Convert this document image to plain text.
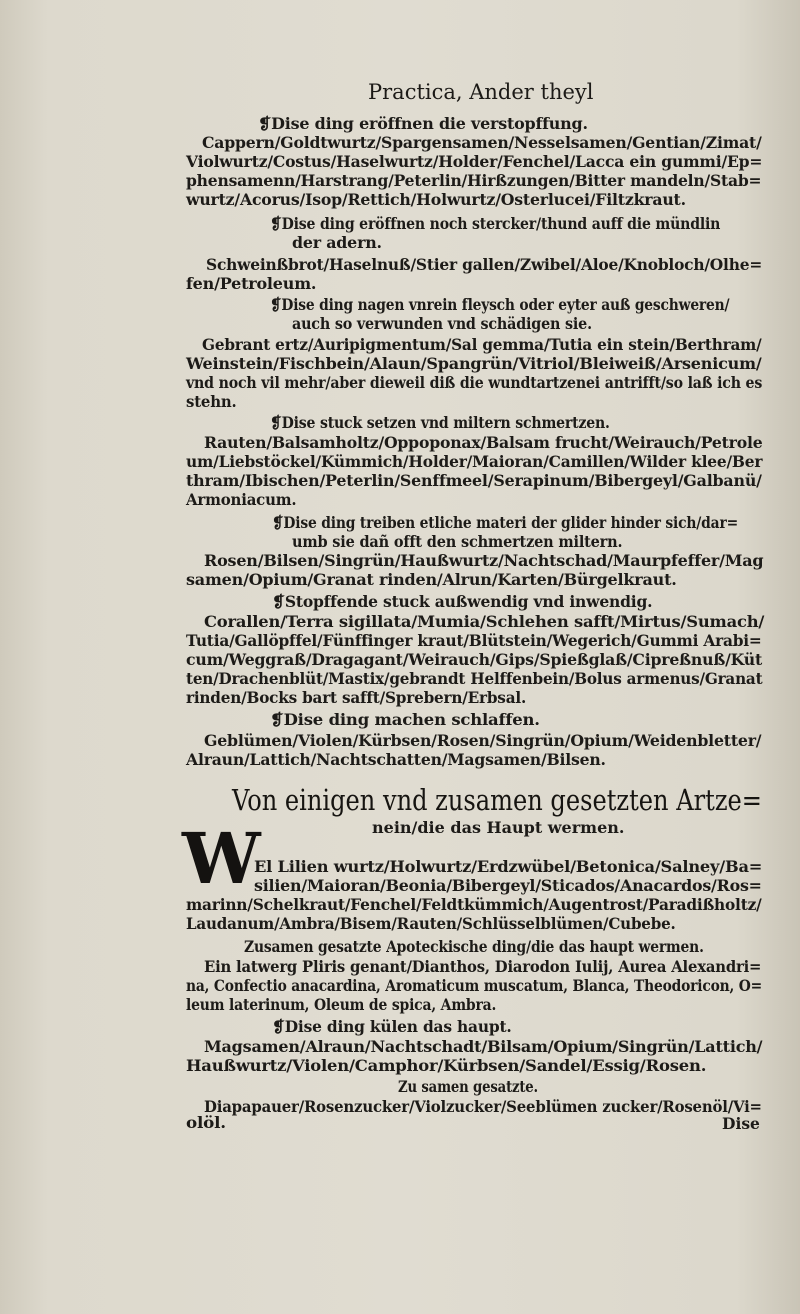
Practica, Ander theyl
❡Dise ding eröffnen die verstopffung.
Cappern/Goldtwurtz/Spargensamen/Nesselsamen/Gentian/Zimat/
Violwurtz/Costus/Haselwurtz/Holder/Fenchel/Lacca ein gummi/Ep=
phensamenn/Harstrang/Peterlin/Hirßzungen/Bitter mandeln/Stab=
wurtz/Acorus/Isop/Rettich/Holwurtz/Osterlucei/Filtzkraut.
❡Dise ding eröffnen noch stercker/thund auff die mündlin
der adern.
Schweinßbrot/Haselnuß/Stier gallen/Zwibel/Aloe/Knobloch/Olhe=
fen/Petroleum.
❡Dise ding nagen vnrein fleysch oder eyter auß geschweren/
auch so verwunden vnd schädigen sie.
Gebrant ertz/Auripigmentum/Sal gemma/Tutia ein stein/Berthram/
Weinstein/Fischbein/Alaun/Spangrün/Vitriol/Bleiweiß/Arsenicum/
vnd noch vil mehr/aber dieweil diß die wundtartzenei antrifft/so laß ich es
stehn.
❡Dise stuck setzen vnd miltern schmertzen.
Rauten/Balsamholtz/Oppoponax/Balsam frucht/Weirauch/Petrole
um/Liebstöckel/Kümmich/Holder/Maioran/Camillen/Wilder klee/Ber
thram/Ibischen/Peterlin/Senffmeel/Serapinum/Bibergeyl/Galbanü/
Armoniacum.
❡Dise ding treiben etliche materi der glider hinder sich/dar=
umb sie dañ offt den schmertzen miltern.
Rosen/Bilsen/Singrün/Haußwurtz/Nachtschad/Maurpfeffer/Mag
samen/Opium/Granat rinden/Alrun/Karten/Bürgelkraut.
❡Stopffende stuck außwendig vnd inwendig.
Corallen/Terra sigillata/Mumia/Schlehen safft/Mirtus/Sumach/
Tutia/Gallöpffel/Fünffinger kraut/Blütstein/Wegerich/Gummi Arabi=
cum/Weggraß/Dragagant/Weirauch/Gips/Spießglaß/Cipreßnuß/Küt
ten/Drachenblüt/Mastix/gebrandt Helffenbein/Bolus armenus/Granat
rinden/Bocks bart safft/Sprebern/Erbsal.
❡Dise ding machen schlaffen.
Geblümen/Violen/Kürbsen/Rosen/Singrün/Opium/Weidenbletter/
Alraun/Lattich/Nachtschatten/Magsamen/Bilsen.
Von einigen vnd zusamen gesetzten Artze=
nein/die das Haupt wermen.
W
El Lilien wurtz/Holwurtz/Erdzwübel/Betonica/Salney/Ba=
silien/Maioran/Beonia/Bibergeyl/Sticados/Anacardos/Ros=
marinn/Schelkraut/Fenchel/Feldtkümmich/Augentrost/Paradißholtz/
Laudanum/Ambra/Bisem/Rauten/Schlüsselblümen/Cubebe.
Zusamen gesatzte Apoteckische ding/die das haupt wermen.
Ein latwerg Pliris genant/Dianthos, Diarodon Iulij, Aurea Alexandri=
na, Confectio anacardina, Aromaticum muscatum, Blanca, Theodoricon, O=
leum laterinum, Oleum de spica, Ambra.
❡Dise ding külen das haupt.
Magsamen/Alraun/Nachtschadt/Bilsam/Opium/Singrün/Lattich/
Haußwurtz/Violen/Camphor/Kürbsen/Sandel/Essig/Rosen.
Zu samen gesatzte.
Diapapauer/Rosenzucker/Violzucker/Seeblümen zucker/Rosenöl/Vi=
olöl.	Dise
